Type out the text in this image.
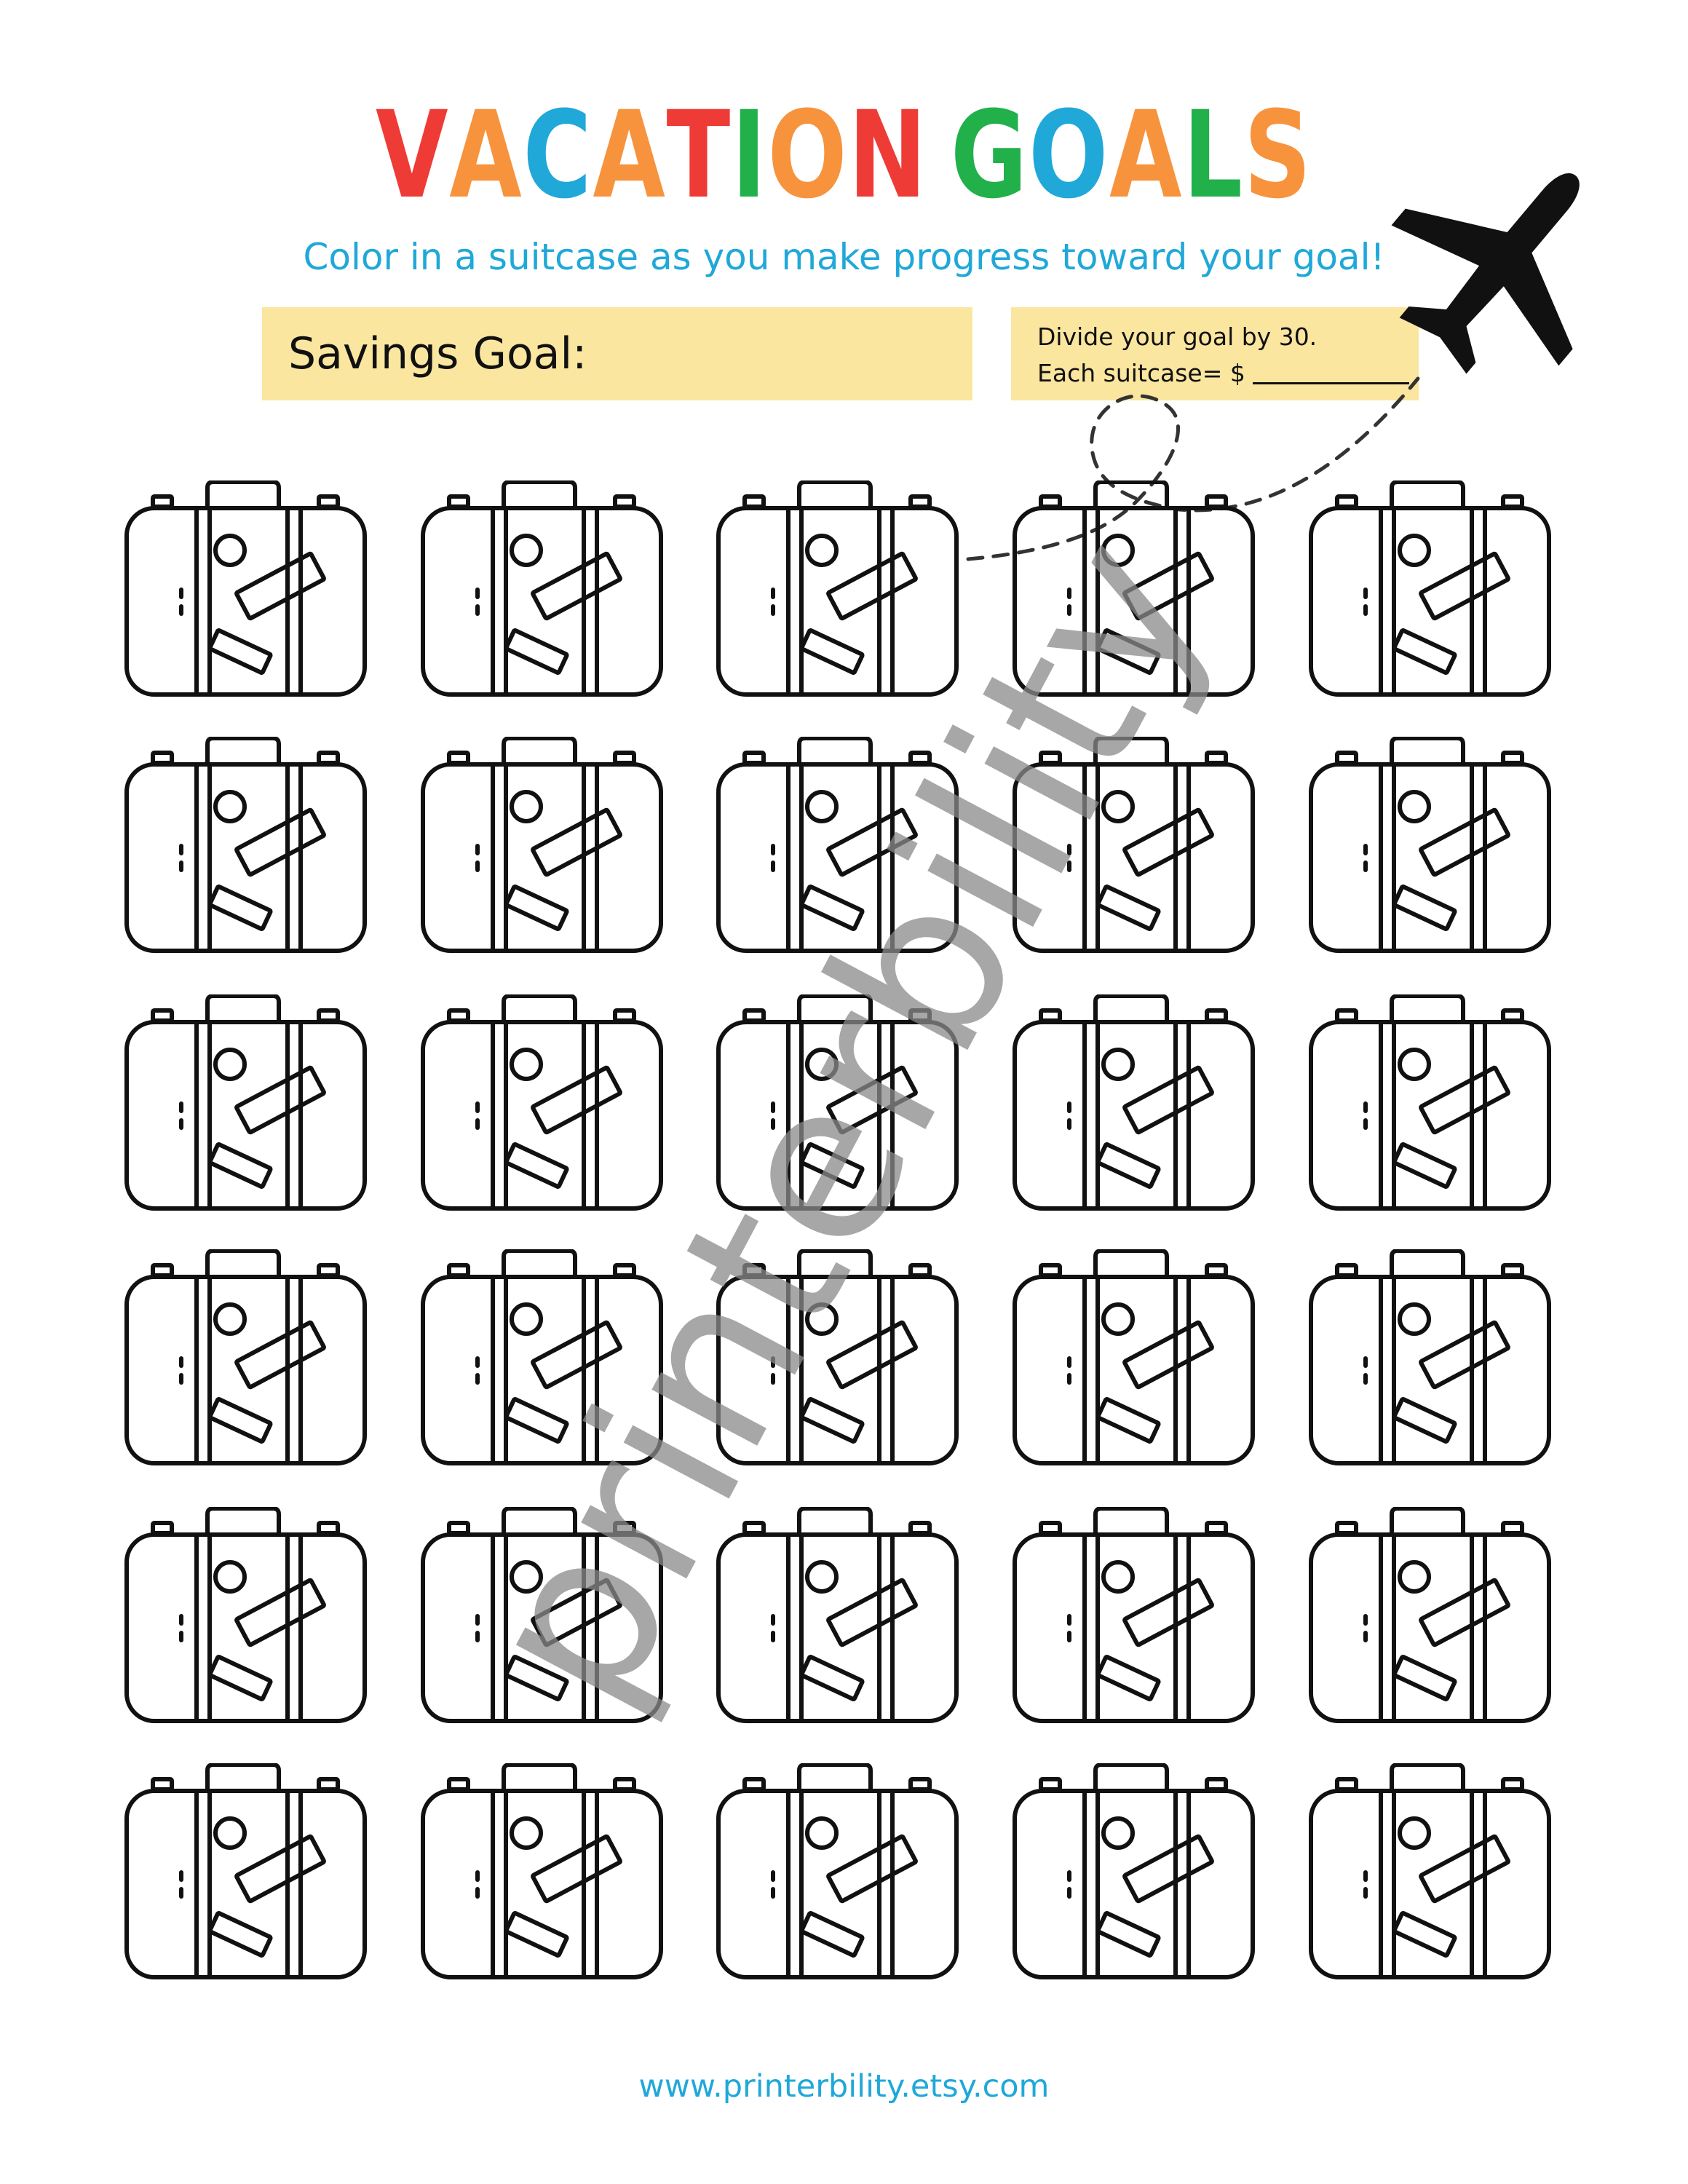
VACATION GOALS
Color in a suitcase as you make progress toward your goal!
Savings Goal:	Divide your goal by 30.
Each suitcase= $
printerbility
www.printerbility.etsy.com
